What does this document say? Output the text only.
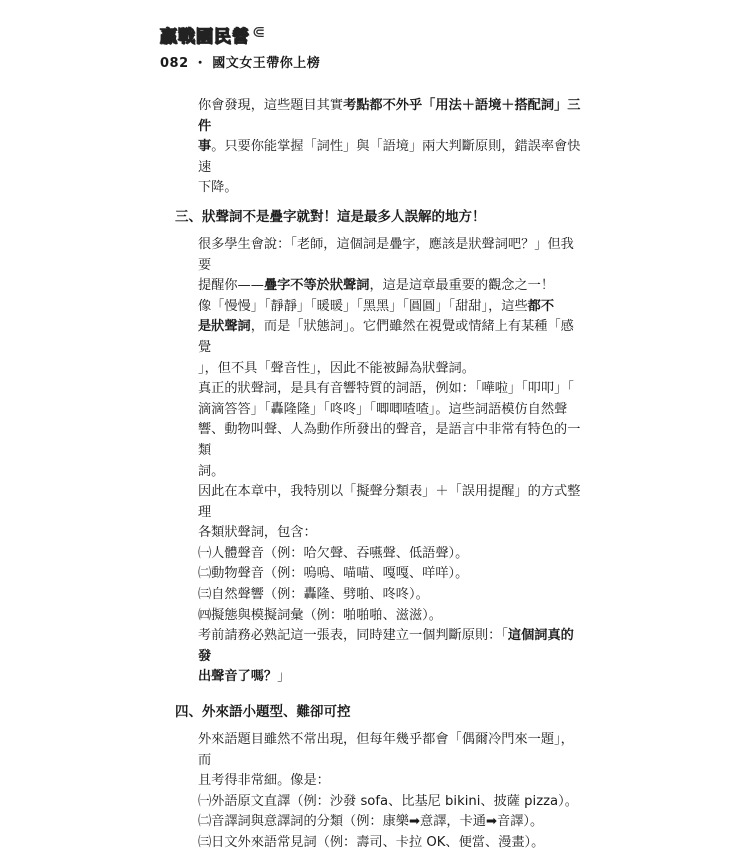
贏戰國民營 ⋐
082 ・ 國文女王帶你上榜

你會發現，這些題目其實考點都不外乎「用法＋語境＋搭配詞」三件

事。只要你能掌握「詞性」與「語境」兩大判斷原則，錯誤率會快速

下降。

三、狀聲詞不是疊字就對！這是最多人誤解的地方！

很多學生會說：「老師，這個詞是疊字，應該是狀聲詞吧？」但我要

提醒你——疊字不等於狀聲詞，這是這章最重要的觀念之一！

像「慢慢」「靜靜」「暖暖」「黑黑」「圓圓」「甜甜」，這些都不

是狀聲詞，而是「狀態詞」。它們雖然在視覺或情緒上有某種「感覺

」，但不具「聲音性」，因此不能被歸為狀聲詞。

真正的狀聲詞，是具有音響特質的詞語，例如：「嘩啦」「叩叩」「

滴滴答答」「轟隆隆」「咚咚」「唧唧喳喳」。這些詞語模仿自然聲

響、動物叫聲、人為動作所發出的聲音，是語言中非常有特色的一類

詞。

因此在本章中，我特別以「擬聲分類表」＋「誤用提醒」的方式整理

各類狀聲詞，包含：

㈠人體聲音（例：哈欠聲、吞嚥聲、低語聲）。

㈡動物聲音（例：嗚嗚、喵喵、嘎嘎、咩咩）。

㈢自然聲響（例：轟隆、劈啪、咚咚）。

㈣擬態與模擬詞彙（例：啪啪啪、滋滋）。

考前請務必熟記這一張表，同時建立一個判斷原則：「這個詞真的發

出聲音了嗎？」

四、外來語小題型、難卻可控

外來語題目雖然不常出現，但每年幾乎都會「偶爾冷門來一題」，而

且考得非常細。像是：

㈠外語原文直譯（例：沙發 sofa、比基尼 bikini、披薩 pizza）。

㈡音譯詞與意譯詞的分類（例：康樂➡意譯，卡通➡音譯）。

㈢日文外來語常見詞（例：壽司、卡拉 OK、便當、漫畫）。
